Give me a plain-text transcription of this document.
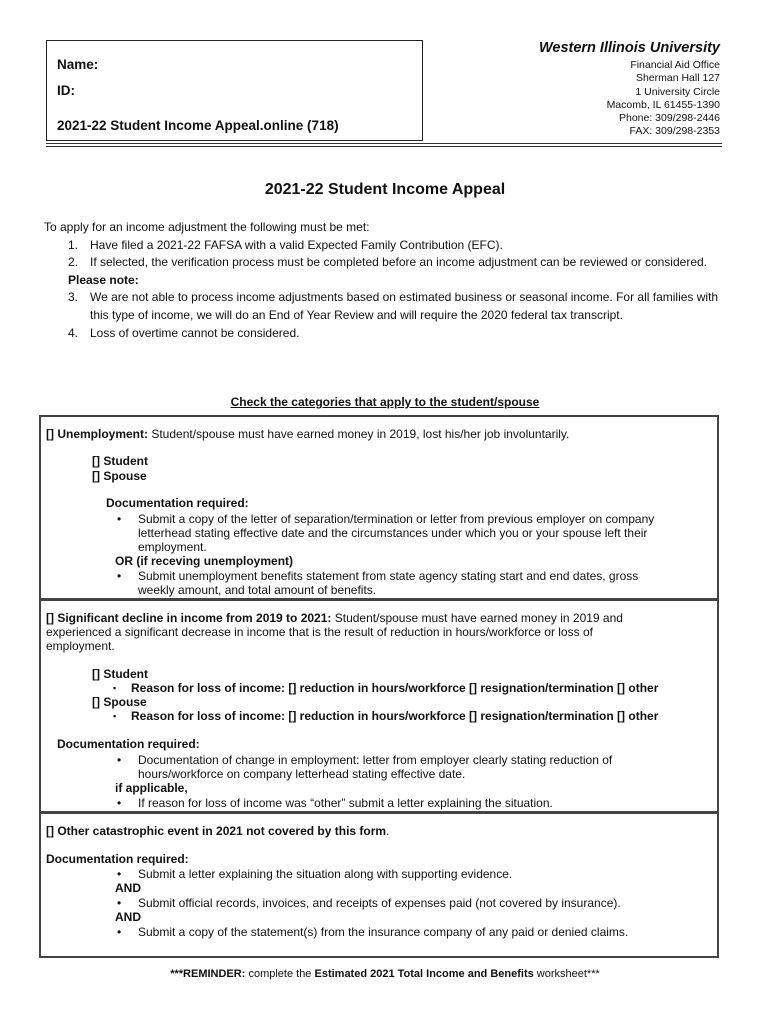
Name:
ID:
2021-22 Student Income Appeal.online (718)
Western Illinois University
Financial Aid Office
Sherman Hall 127
1 University Circle
Macomb, IL 61455-1390
Phone: 309/298-2446
FAX: 309/298-2353
2021-22 Student Income Appeal
To apply for an income adjustment the following must be met:
1. Have filed a 2021-22 FAFSA with a valid Expected Family Contribution (EFC).
2. If selected, the verification process must be completed before an income adjustment can be reviewed or considered.
Please note:
3. We are not able to process income adjustments based on estimated business or seasonal income. For all families with this type of income, we will do an End of Year Review and will require the 2020 federal tax transcript.
4. Loss of overtime cannot be considered.
Check the categories that apply to the student/spouse
[] Unemployment: Student/spouse must have earned money in 2019, lost his/her job involuntarily.
[] Student
[] Spouse
Documentation required:
• Submit a copy of the letter of separation/termination or letter from previous employer on company
letterhead stating effective date and the circumstances under which you or your spouse left their
employment.
OR (if receving unemployment)
• Submit unemployment benefits statement from state agency stating start and end dates, gross
weekly amount, and total amount of benefits.
[] Significant decline in income from 2019 to 2021: Student/spouse must have earned money in 2019 and
experienced a significant decrease in income that is the result of reduction in hours/workforce or loss of
employment.
[] Student
▪ Reason for loss of income: [] reduction in hours/workforce [] resignation/termination [] other
[] Spouse
▪ Reason for loss of income: [] reduction in hours/workforce [] resignation/termination [] other
Documentation required:
• Documentation of change in employment: letter from employer clearly stating reduction of
hours/workforce on company letterhead stating effective date.
if applicable,
• If reason for loss of income was “other” submit a letter explaining the situation.
[] Other catastrophic event in 2021 not covered by this form.
Documentation required:
• Submit a letter explaining the situation along with supporting evidence.
AND
• Submit official records, invoices, and receipts of expenses paid (not covered by insurance).
AND
• Submit a copy of the statement(s) from the insurance company of any paid or denied claims.
***REMINDER: complete the Estimated 2021 Total Income and Benefits worksheet***
